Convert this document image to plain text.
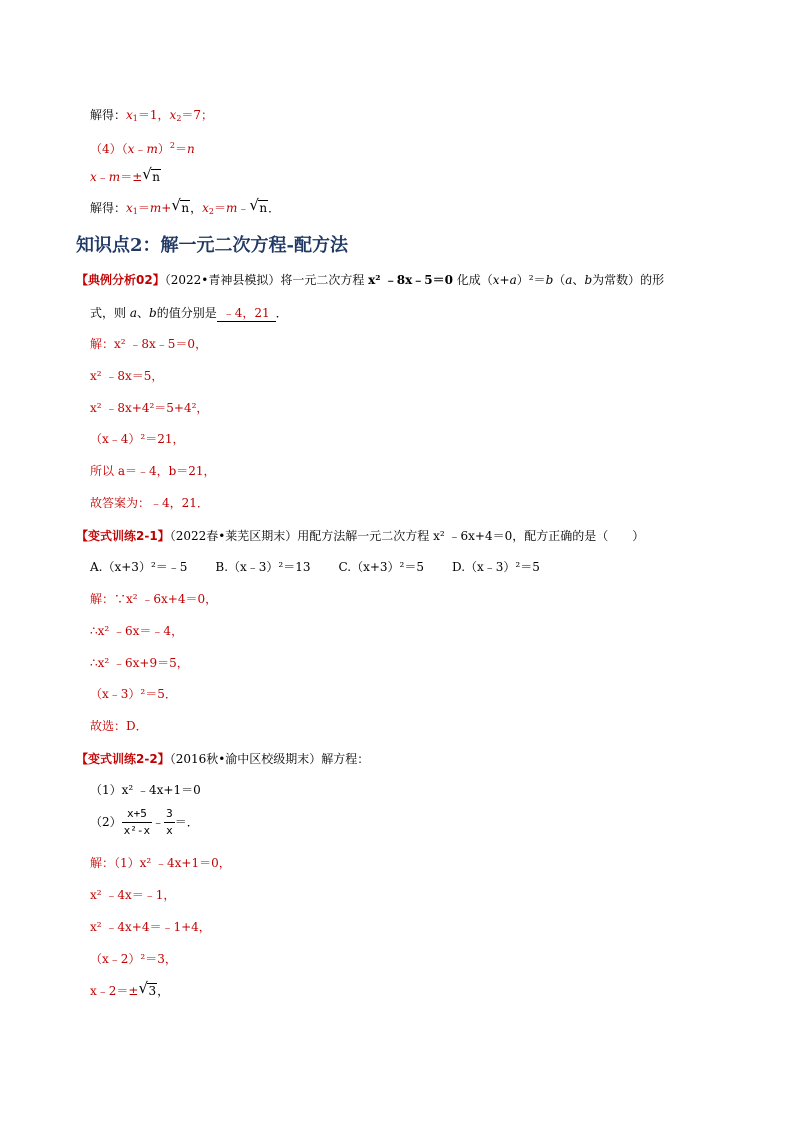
解得：$x_1=1$，$x_2=7$；
（4）（x﹣m）$^2$＝n
x﹣m＝±√ n
解得：$x_1=m+√$ n，$x_2=m﹣√$ n．
知识点2：解一元二次方程-配方法
【典例分析02】（2022•青神县模拟）将一元二次方程 x² ﹣8x﹣5＝0 化成（x+a）²＝b（a、b为常数）的形
式，则 a、b的值分别是 ﹣4，21 ．
解：x² ﹣8x﹣5＝0，
x² ﹣8x＝5，
x² ﹣8x+4²＝5+4²，
（x﹣4）²＝21，
所以 a＝﹣4，b＝21，
故答案为：﹣4，21．
【变式训练2-1】（2022春•莱芜区期末）用配方法解一元二次方程 x² ﹣6x+4＝0，配方正确的是（　　）
A.（x+3）²＝﹣5 B.（x﹣3）²＝13 C.（x+3）²＝5 D.（x﹣3）²＝5
解：∵x² ﹣6x+4＝0，
∴x² ﹣6x＝﹣4，
∴x² ﹣6x+9＝5，
（x﹣3）²＝5．
故选：D．
【变式训练2-2】（2016秋•渝中区校级期末）解方程：
（1）x² ﹣4x+1＝0
$(2) \frac{x+5}{\text{x²-x}}$ ﹣ $\frac{3}{x}$ ＝．
解：（1）x² ﹣4x+1＝0，
x² ﹣4x＝﹣1，
x² ﹣4x+4＝﹣1+4，
（x﹣2）²＝3，
x﹣2＝±√ 3，
